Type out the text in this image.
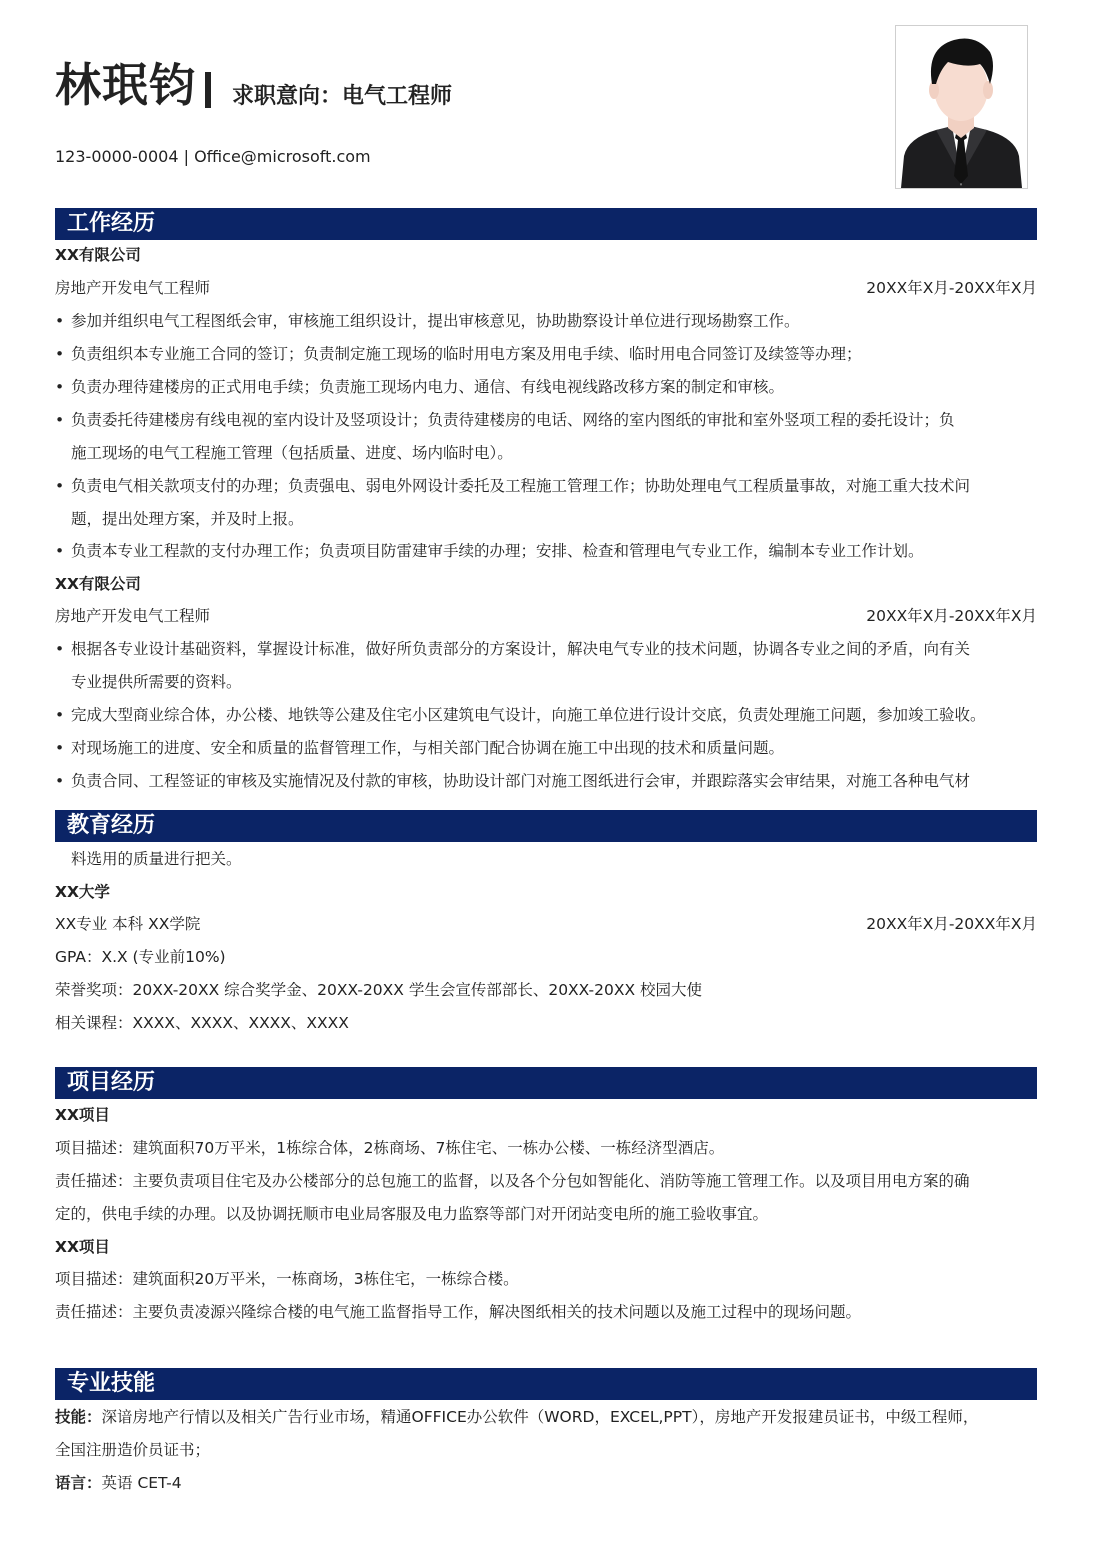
林珉钧 求职意向：电气工程师
123-0000-0004 | Office@microsoft.com
工作经历
XX有限公司
房地产开发电气工程师	20XX年X月-20XX年X月
• 参加并组织电气工程图纸会审，审核施工组织设计，提出审核意见，协助勘察设计单位进行现场勘察工作。
• 负责组织本专业施工合同的签订；负责制定施工现场的临时用电方案及用电手续、临时用电合同签订及续签等办理；
• 负责办理待建楼房的正式用电手续；负责施工现场内电力、通信、有线电视线路改移方案的制定和审核。
• 负责委托待建楼房有线电视的室内设计及竖项设计；负责待建楼房的电话、网络的室内图纸的审批和室外竖项工程的委托设计；负
施工现场的电气工程施工管理（包括质量、进度、场内临时电）。
• 负责电气相关款项支付的办理；负责强电、弱电外网设计委托及工程施工管理工作；协助处理电气工程质量事故，对施工重大技术问
题，提出处理方案，并及时上报。
• 负责本专业工程款的支付办理工作；负责项目防雷建审手续的办理；安排、检查和管理电气专业工作，编制本专业工作计划。
XX有限公司
房地产开发电气工程师	20XX年X月-20XX年X月
• 根据各专业设计基础资料，掌握设计标准，做好所负责部分的方案设计，解决电气专业的技术问题，协调各专业之间的矛盾，向有关
专业提供所需要的资料。
• 完成大型商业综合体，办公楼、地铁等公建及住宅小区建筑电气设计，向施工单位进行设计交底，负责处理施工问题，参加竣工验收。
• 对现场施工的进度、安全和质量的监督管理工作，与相关部门配合协调在施工中出现的技术和质量问题。
• 负责合同、工程签证的审核及实施情况及付款的审核，协助设计部门对施工图纸进行会审，并跟踪落实会审结果，对施工各种电气材
教育经历
料选用的质量进行把关。
XX大学
XX专业 本科 XX学院	20XX年X月-20XX年X月
GPA：X.X (专业前10%)
荣誉奖项：20XX-20XX 综合奖学金、20XX-20XX 学生会宣传部部长、20XX-20XX 校园大使
相关课程：XXXX、XXXX、XXXX、XXXX
项目经历
XX项目
项目描述：建筑面积70万平米，1栋综合体，2栋商场、7栋住宅、一栋办公楼、一栋经济型酒店。
责任描述：主要负责项目住宅及办公楼部分的总包施工的监督，以及各个分包如智能化、消防等施工管理工作。以及项目用电方案的确
定的，供电手续的办理。以及协调抚顺市电业局客服及电力监察等部门对开闭站变电所的施工验收事宜。
XX项目
项目描述：建筑面积20万平米，一栋商场，3栋住宅，一栋综合楼。
责任描述：主要负责凌源兴隆综合楼的电气施工监督指导工作，解决图纸相关的技术问题以及施工过程中的现场问题。
专业技能
技能：深谙房地产行情以及相关广告行业市场，精通OFFICE办公软件（WORD，EXCEL,PPT），房地产开发报建员证书，中级工程师，
全国注册造价员证书；
语言：英语 CET-4
